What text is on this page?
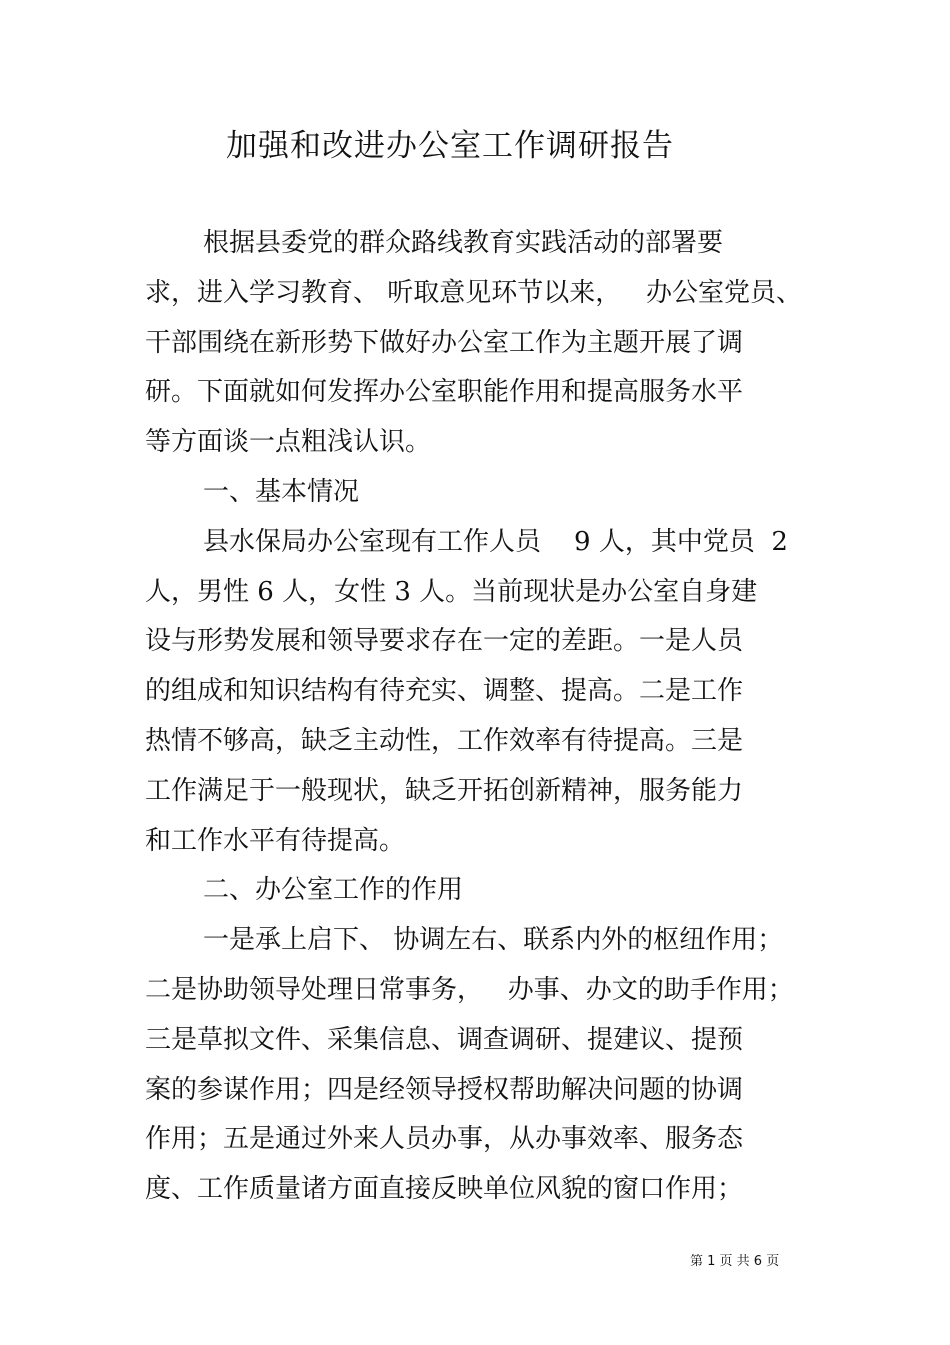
加强和改进办公室工作调研报告
根据县委党的群众路线教育实践活动的部署要
求，进入学习教育、 听取意见环节以来，   办公室党员、
干部围绕在新形势下做好办公室工作为主题开展了调
研。下面就如何发挥办公室职能作用和提高服务水平
等方面谈一点粗浅认识。
一、基本情况
县水保局办公室现有工作人员    9 人，其中党员  2
人，男性 6 人，女性 3 人。当前现状是办公室自身建
设与形势发展和领导要求存在一定的差距。一是人员
的组成和知识结构有待充实、调整、提高。二是工作
热情不够高，缺乏主动性，工作效率有待提高。三是
工作满足于一般现状，缺乏开拓创新精神，服务能力
和工作水平有待提高。
二、办公室工作的作用
一是承上启下、 协调左右、联系内外的枢纽作用；
二是协助领导处理日常事务，   办事、办文的助手作用；
三是草拟文件、采集信息、调查调研、提建议、提预
案的参谋作用；四是经领导授权帮助解决问题的协调
作用；五是通过外来人员办事，从办事效率、服务态
度、工作质量诸方面直接反映单位风貌的窗口作用；
第 1 页 共 6 页
